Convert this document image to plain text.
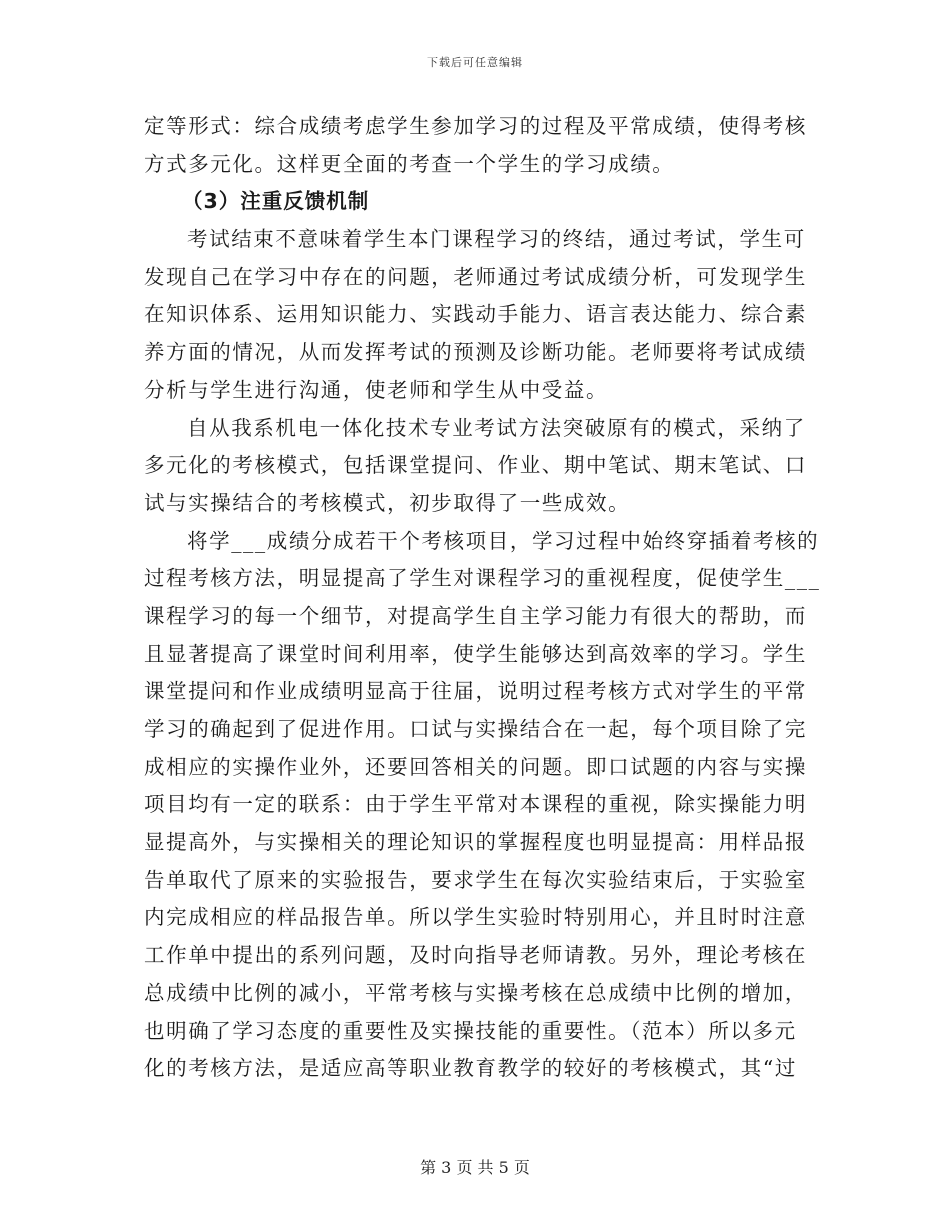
下载后可任意编辑
定等形式：综合成绩考虑学生参加学习的过程及平常成绩，使得考核
方式多元化。这样更全面的考查一个学生的学习成绩。
（3）注重反馈机制
考试结束不意味着学生本门课程学习的终结，通过考试，学生可
发现自己在学习中存在的问题，老师通过考试成绩分析，可发现学生
在知识体系、运用知识能力、实践动手能力、语言表达能力、综合素
养方面的情况，从而发挥考试的预测及诊断功能。老师要将考试成绩
分析与学生进行沟通，使老师和学生从中受益。
自从我系机电一体化技术专业考试方法突破原有的模式，采纳了
多元化的考核模式，包括课堂提问、作业、期中笔试、期末笔试、口
试与实操结合的考核模式，初步取得了一些成效。
将学___成绩分成若干个考核项目，学习过程中始终穿插着考核的
过程考核方法，明显提高了学生对课程学习的重视程度，促使学生___
课程学习的每一个细节，对提高学生自主学习能力有很大的帮助，而
且显著提高了课堂时间利用率，使学生能够达到高效率的学习。学生
课堂提问和作业成绩明显高于往届，说明过程考核方式对学生的平常
学习的确起到了促进作用。口试与实操结合在一起，每个项目除了完
成相应的实操作业外，还要回答相关的问题。即口试题的内容与实操
项目均有一定的联系：由于学生平常对本课程的重视，除实操能力明
显提高外，与实操相关的理论知识的掌握程度也明显提高：用样品报
告单取代了原来的实验报告，要求学生在每次实验结束后，于实验室
内完成相应的样品报告单。所以学生实验时特别用心，并且时时注意
工作单中提出的系列问题，及时向指导老师请教。另外，理论考核在
总成绩中比例的减小，平常考核与实操考核在总成绩中比例的增加，
也明确了学习态度的重要性及实操技能的重要性。（范本）所以多元
化的考核方法，是适应高等职业教育教学的较好的考核模式，其“过
第 3 页 共 5 页
